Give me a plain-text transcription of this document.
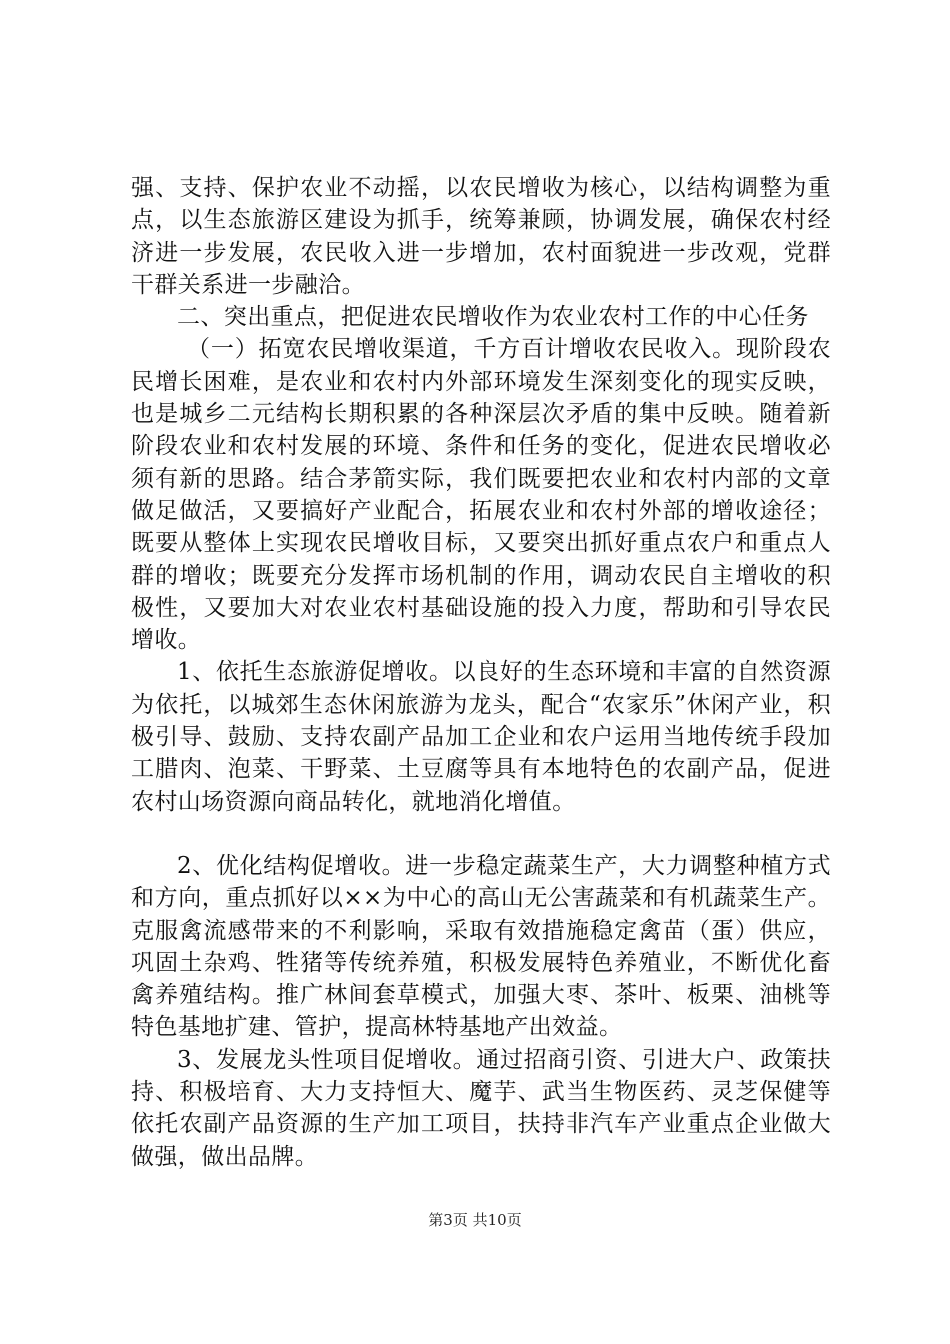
强、支持、保护农业不动摇，以农民增收为核心，以结构调整为重点，以生态旅游区建设为抓手，统筹兼顾，协调发展，确保农村经济进一步发展，农民收入进一步增加，农村面貌进一步改观，党群干群关系进一步融洽。

二、突出重点，把促进农民增收作为农业农村工作的中心任务

（一）拓宽农民增收渠道，千方百计增收农民收入。现阶段农民增长困难，是农业和农村内外部环境发生深刻变化的现实反映，也是城乡二元结构长期积累的各种深层次矛盾的集中反映。随着新阶段农业和农村发展的环境、条件和任务的变化，促进农民增收必须有新的思路。结合茅箭实际，我们既要把农业和农村内部的文章做足做活，又要搞好产业配合，拓展农业和农村外部的增收途径；既要从整体上实现农民增收目标，又要突出抓好重点农户和重点人群的增收；既要充分发挥市场机制的作用，调动农民自主增收的积极性，又要加大对农业农村基础设施的投入力度，帮助和引导农民增收。

1、依托生态旅游促增收。以良好的生态环境和丰富的自然资源为依托，以城郊生态休闲旅游为龙头，配合“农家乐”休闲产业，积极引导、鼓励、支持农副产品加工企业和农户运用当地传统手段加工腊肉、泡菜、干野菜、土豆腐等具有本地特色的农副产品，促进农村山场资源向商品转化，就地消化增值。

2、优化结构促增收。进一步稳定蔬菜生产，大力调整种植方式和方向，重点抓好以××为中心的高山无公害蔬菜和有机蔬菜生产。克服禽流感带来的不利影响，采取有效措施稳定禽苗（蛋）供应，巩固土杂鸡、牲猪等传统养殖，积极发展特色养殖业，不断优化畜禽养殖结构。推广林间套草模式，加强大枣、茶叶、板栗、油桃等特色基地扩建、管护，提高林特基地产出效益。

3、发展龙头性项目促增收。通过招商引资、引进大户、政策扶持、积极培育、大力支持恒大、魔芋、武当生物医药、灵芝保健等依托农副产品资源的生产加工项目，扶持非汽车产业重点企业做大做强，做出品牌。

第3页 共10页
